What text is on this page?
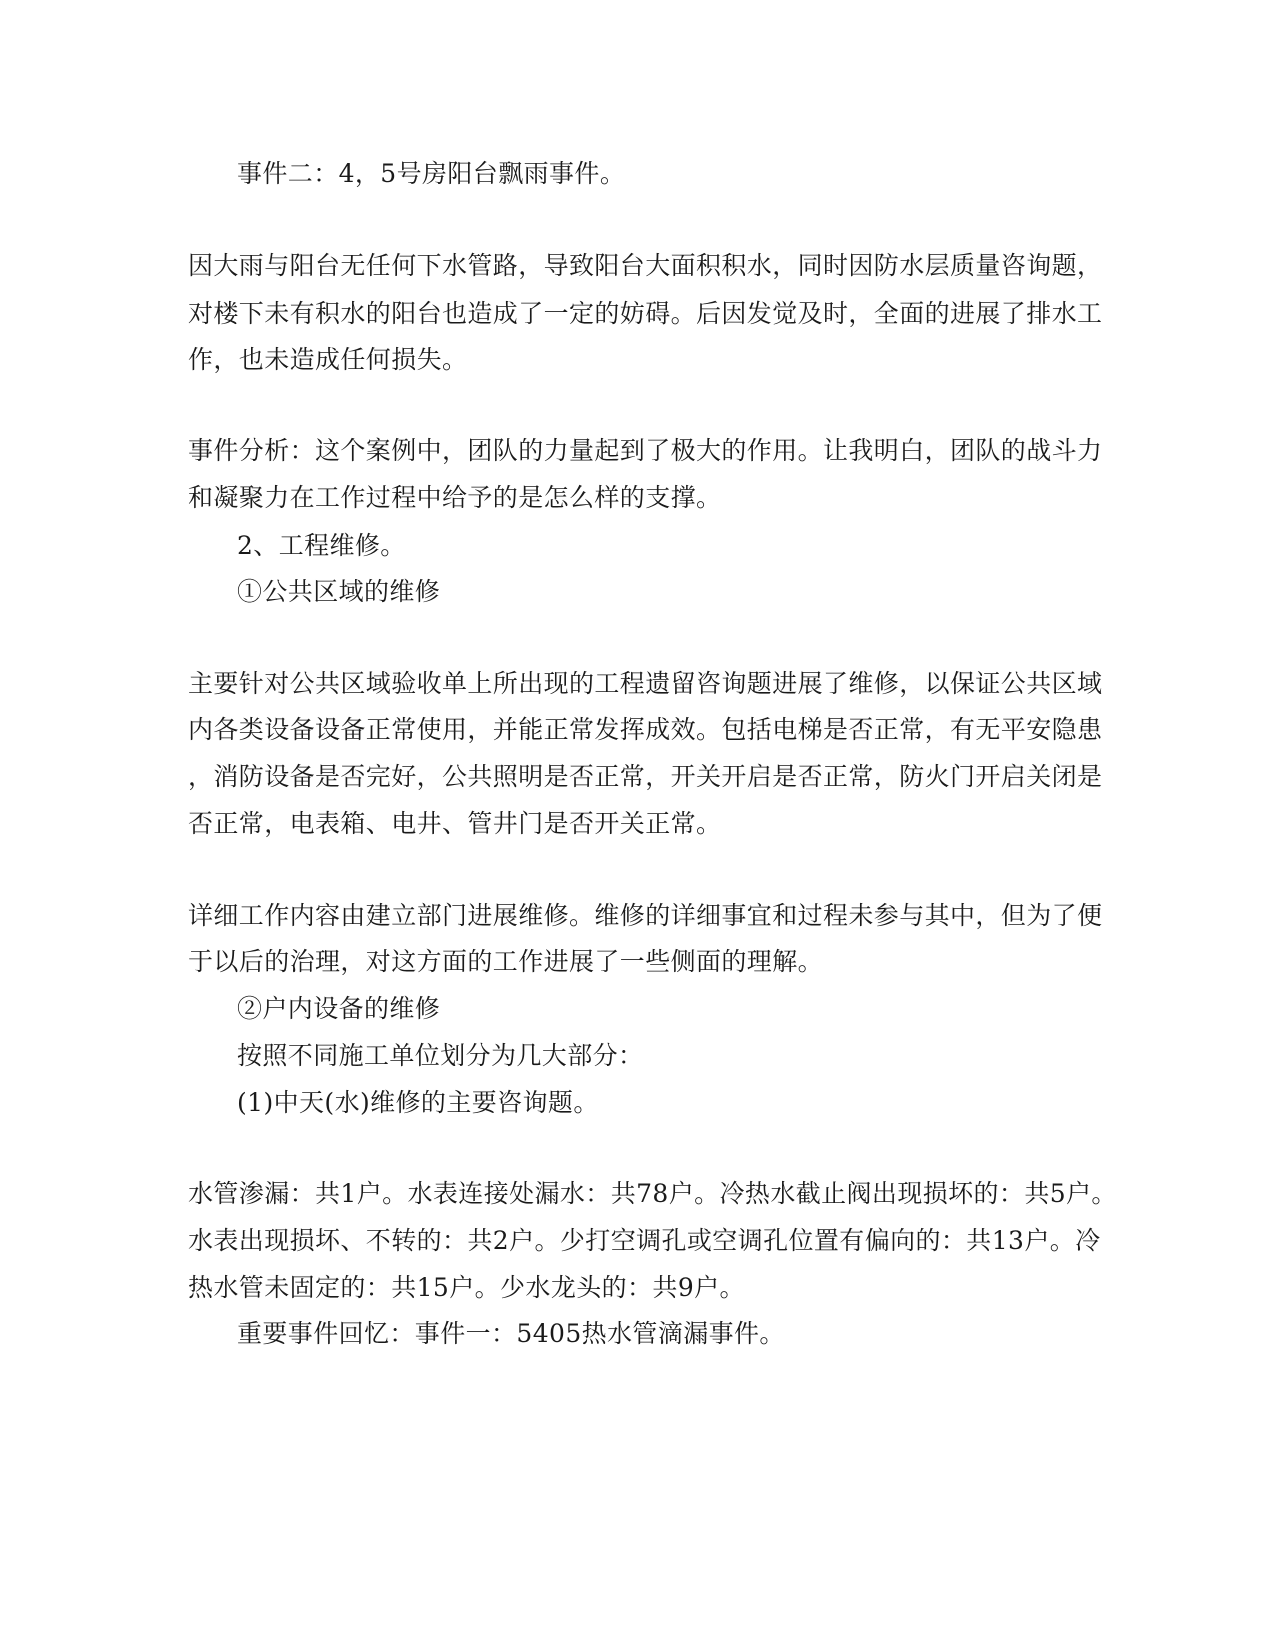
事件二：4，5号房阳台飘雨事件。
因大雨与阳台无任何下水管路，导致阳台大面积积水，同时因防水层质量咨询题，
对楼下未有积水的阳台也造成了一定的妨碍。后因发觉及时，全面的进展了排水工
作，也未造成任何损失。
事件分析：这个案例中，团队的力量起到了极大的作用。让我明白，团队的战斗力
和凝聚力在工作过程中给予的是怎么样的支撑。
2、工程维修。
①公共区域的维修
主要针对公共区域验收单上所出现的工程遗留咨询题进展了维修，以保证公共区域
内各类设备设备正常使用，并能正常发挥成效。包括电梯是否正常，有无平安隐患
，消防设备是否完好，公共照明是否正常，开关开启是否正常，防火门开启关闭是
否正常，电表箱、电井、管井门是否开关正常。
详细工作内容由建立部门进展维修。维修的详细事宜和过程未参与其中，但为了便
于以后的治理，对这方面的工作进展了一些侧面的理解。
②户内设备的维修
按照不同施工单位划分为几大部分：
(1)中天(水)维修的主要咨询题。
水管渗漏：共1户。水表连接处漏水：共78户。冷热水截止阀出现损坏的：共5户。
水表出现损坏、不转的：共2户。少打空调孔或空调孔位置有偏向的：共13户。冷
热水管未固定的：共15户。少水龙头的：共9户。
重要事件回忆：事件一：5405热水管滴漏事件。
